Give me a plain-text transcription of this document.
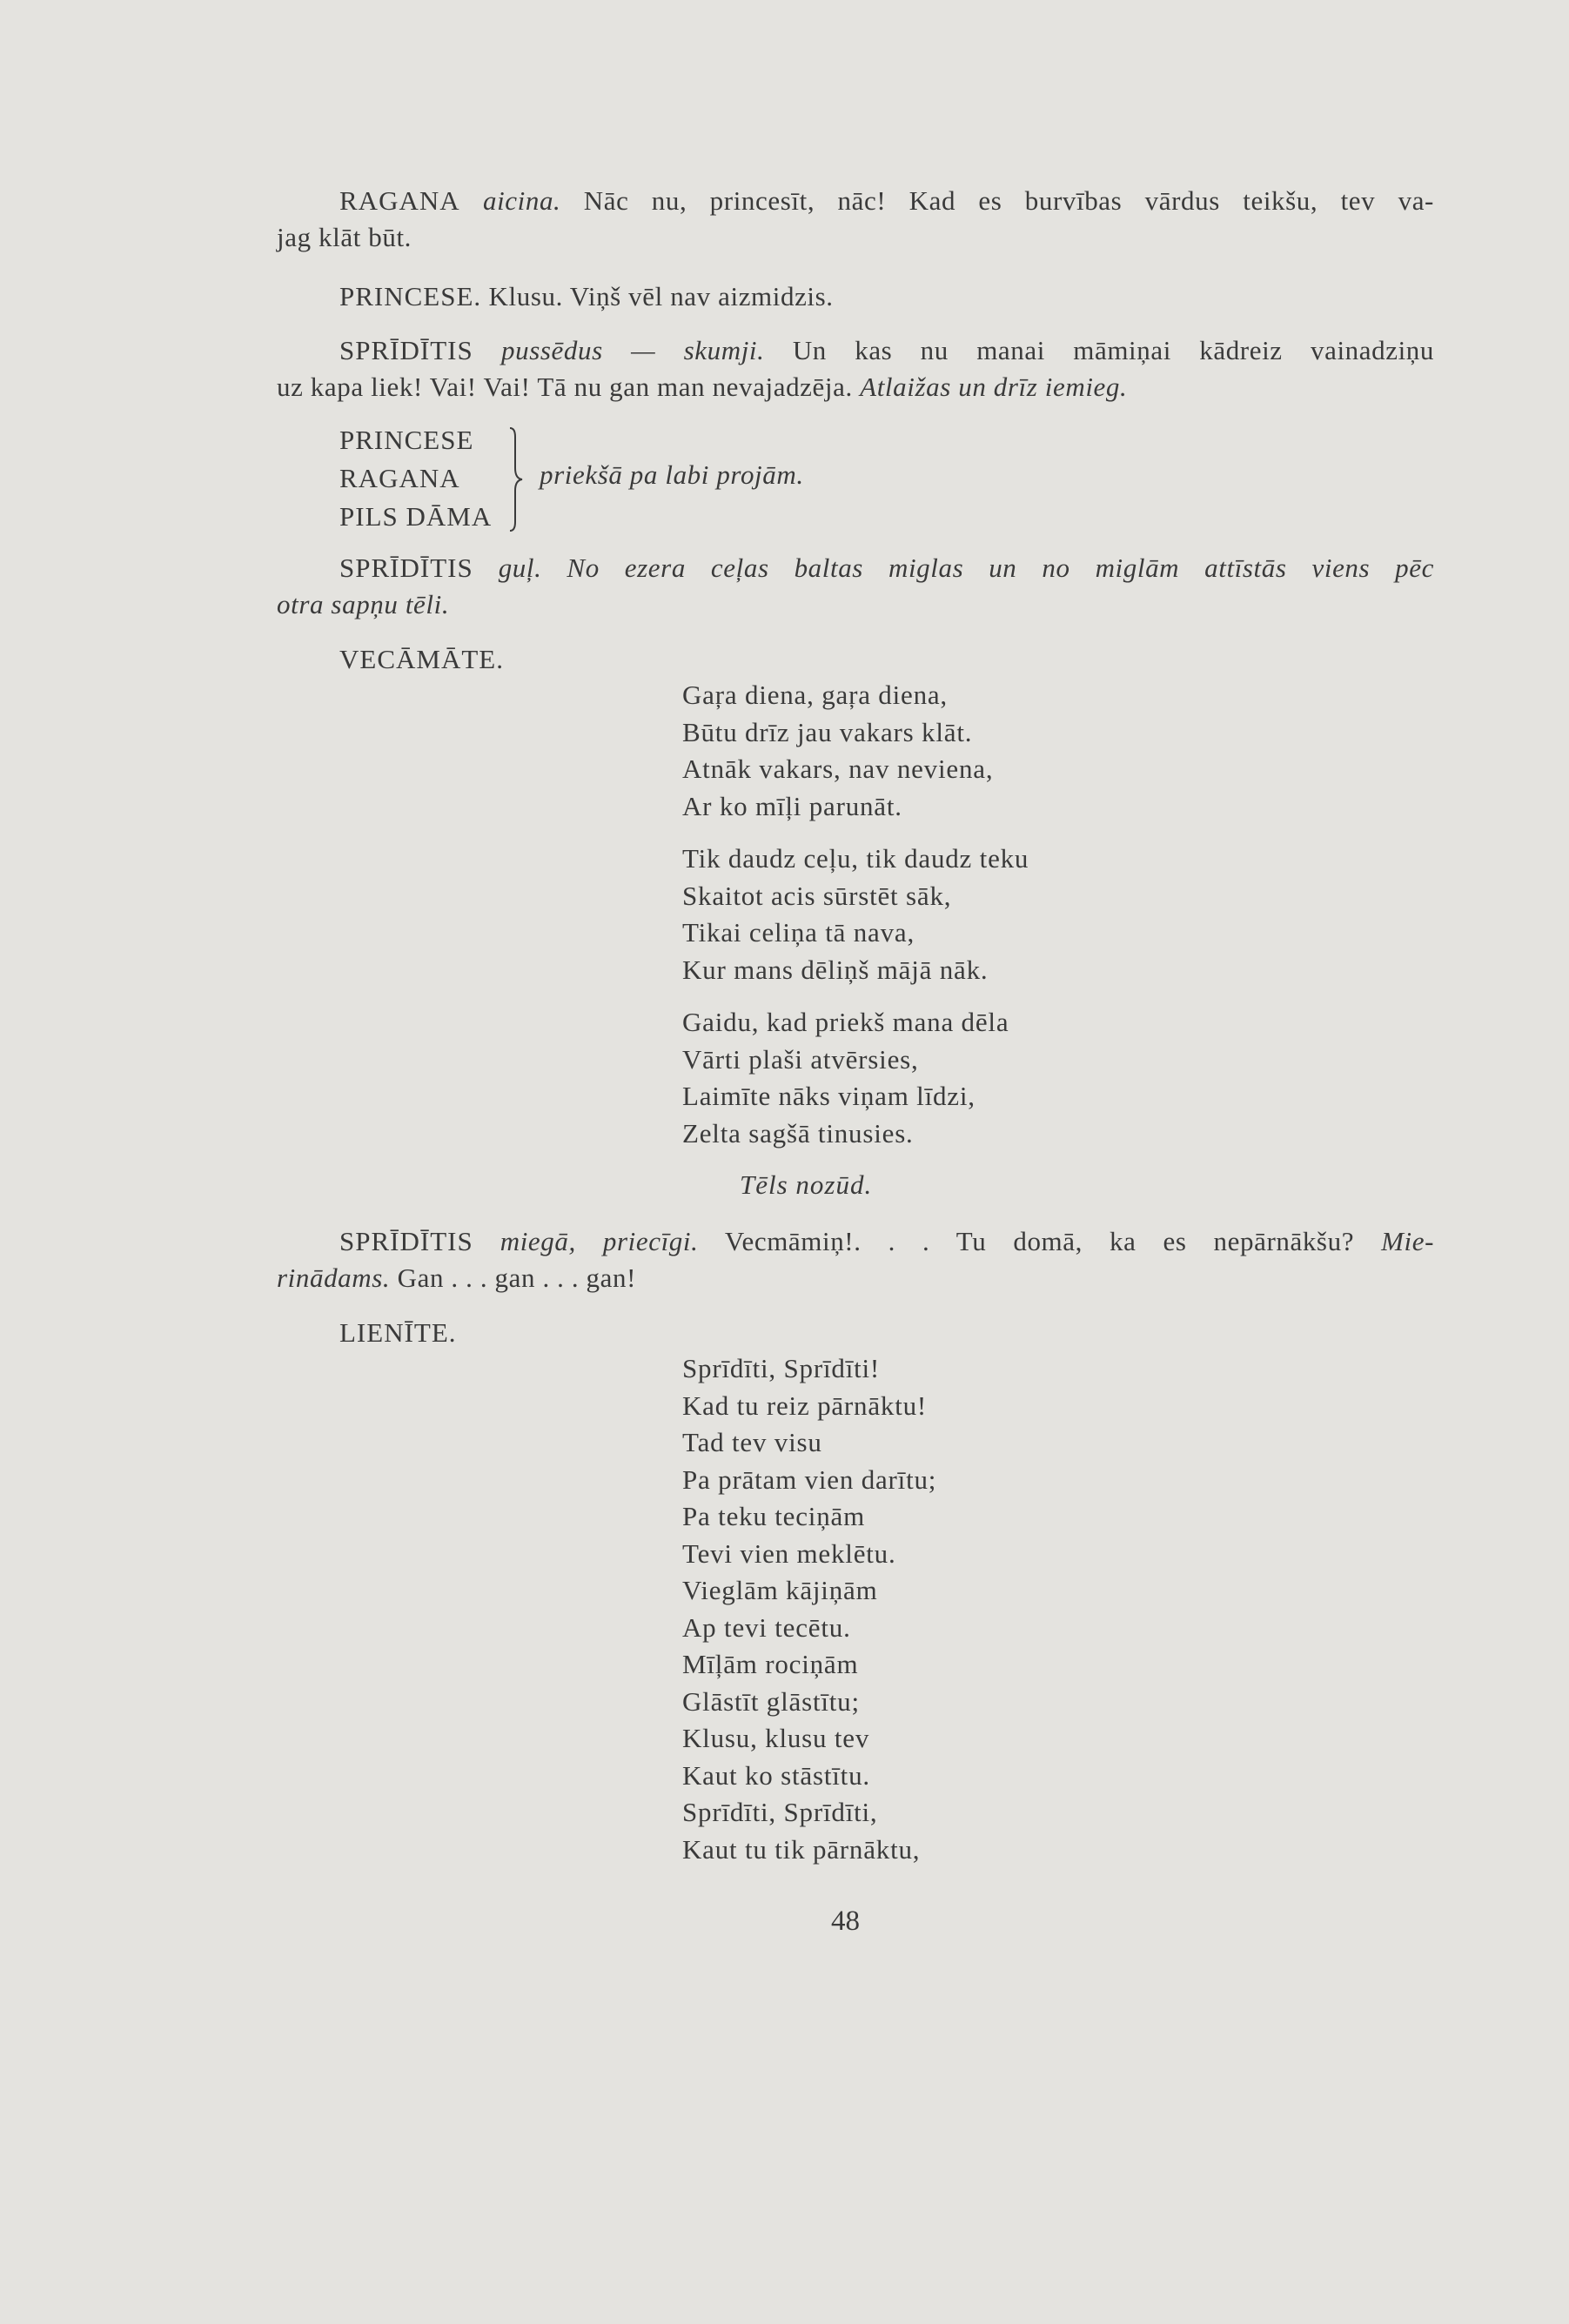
RAGANA aicina. Nāc nu, princesīt, nāc! Kad es burvības vārdus teikšu, tev va-
jag klāt būt.
PRINCESE. Klusu. Viņš vēl nav aizmidzis.
SPRĪDĪTIS pussēdus — skumji. Un kas nu manai māmiņai kādreiz vainadziņu
uz kapa liek! Vai! Vai! Tā nu gan man nevajadzēja. Atlaižas un drīz iemieg.
PRINCESE
RAGANA
PILS DĀMA
priekšā pa labi projām.
SPRĪDĪTIS guļ. No ezera ceļas baltas miglas un no miglām attīstās viens pēc
otra sapņu tēli.
VECĀMĀTE.
Gaŗa diena, gaŗa diena,
Būtu drīz jau vakars klāt.
Atnāk vakars, nav neviena,
Ar ko mīļi parunāt.
Tik daudz ceļu, tik daudz teku
Skaitot acis sūrstēt sāk,
Tikai celiņa tā nava,
Kur mans dēliņš mājā nāk.
Gaidu, kad priekš mana dēla
Vārti plaši atvērsies,
Laimīte nāks viņam līdzi,
Zelta sagšā tinusies.
Tēls nozūd.
SPRĪDĪTIS miegā, priecīgi. Vecmāmiņ!. . . Tu domā, ka es nepārnākšu? Mie-
rinādams. Gan . . . gan . . . gan!
LIENĪTE.
Sprīdīti, Sprīdīti!
Kad tu reiz pārnāktu!
Tad tev visu
Pa prātam vien darītu;
Pa teku teciņām
Tevi vien meklētu.
Vieglām kājiņām
Ap tevi tecētu.
Mīļām rociņām
Glāstīt glāstītu;
Klusu, klusu tev
Kaut ko stāstītu.
Sprīdīti, Sprīdīti,
Kaut tu tik pārnāktu,
48
